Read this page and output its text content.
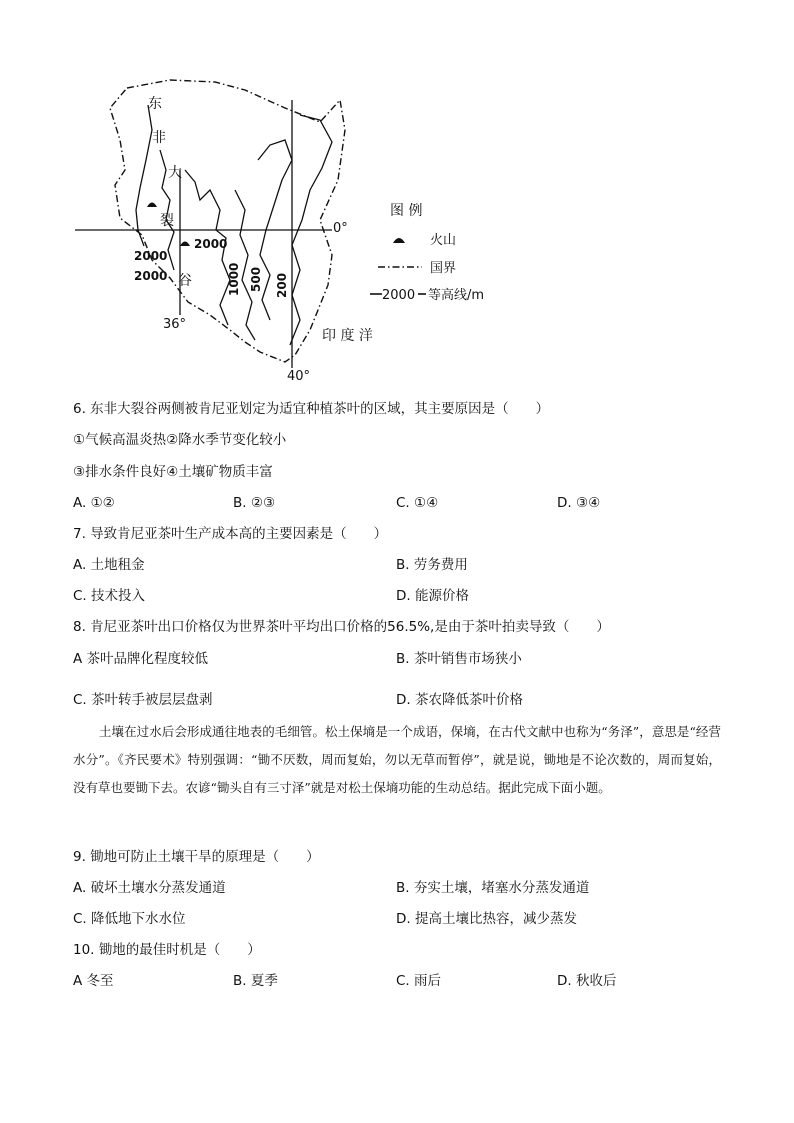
东
非
大
裂
谷
2000
2000
2000	1000 500 200
0°
36°
40°
印 度 洋
图 例
火山
国界
2000 等高线/m
6. 东非大裂谷两侧被肯尼亚划定为适宜种植茶叶的区域，其主要原因是（　　）
①气候高温炎热②降水季节变化较小
③排水条件良好④土壤矿物质丰富
A. ①②	B. ②③	C. ①④	D. ③④
7. 导致肯尼亚茶叶生产成本高的主要因素是（　　）
A. 土地租金	B. 劳务费用
C. 技术投入	D. 能源价格
8. 肯尼亚茶叶出口价格仅为世界茶叶平均出口价格的56.5%,是由于茶叶拍卖导致（　　）
A 茶叶品牌化程度较低	B. 茶叶销售市场狭小
C. 茶叶转手被层层盘剥	D. 茶农降低茶叶价格

土壤在过水后会形成通往地表的毛细管。松土保墒是一个成语，保墒，在古代文献中也称为“务泽”，意思是“经营水分”。《齐民要术》特别强调：“锄不厌数，周而复始，勿以无草而暂停”，就是说，锄地是不论次数的，周而复始，没有草也要锄下去。农谚“锄头自有三寸泽”就是对松土保墒功能的生动总结。据此完成下面小题。

9. 锄地可防止土壤干旱的原理是（　　）
A. 破坏土壤水分蒸发通道	B. 夯实土壤，堵塞水分蒸发通道
C. 降低地下水水位	D. 提高土壤比热容，减少蒸发
10. 锄地的最佳时机是（　　）
A 冬至	B. 夏季	C. 雨后	D. 秋收后
